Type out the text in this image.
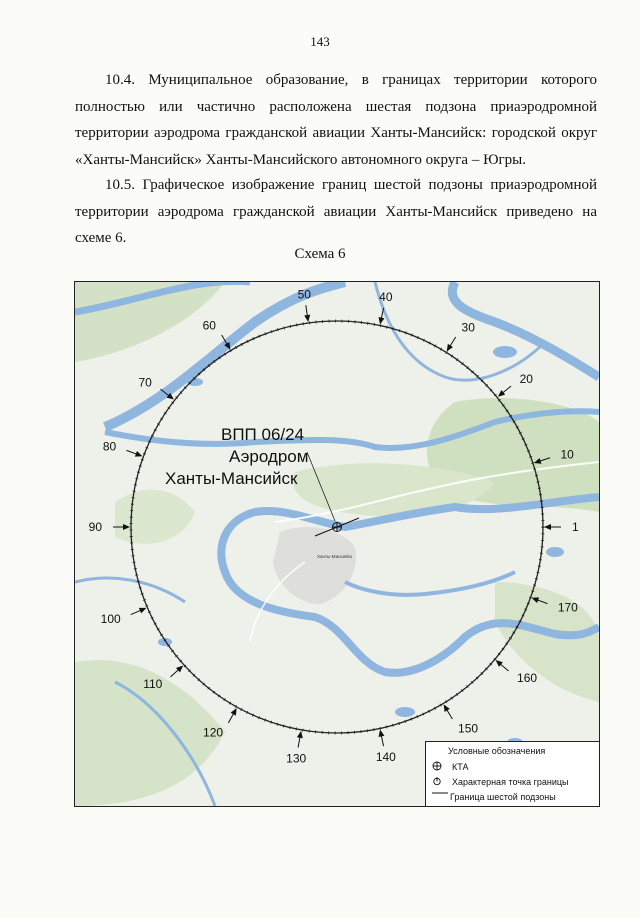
143
10.4. Муниципальное образование, в границах территории которого полностью или частично расположена шестая подзона приаэродромной территории аэродрома гражданской авиации Ханты-Мансийск: городской округ «Ханты-Мансийск» Ханты-Мансийского автономного округа – Югры.
10.5. Графическое изображение границ шестой подзоны приаэродромной территории аэродрома гражданской авиации Ханты-Мансийск приведено на схеме 6.
Схема 6
1
10
20
30
40
50
60
70
80
90
100
110
120
130	140
150
160
170
ВПП 06/24
Аэродром
Ханты-Мансийск
Ханты-Мансийск
Условные обозначения
КТА
Характерная точка границы
Граница шестой подзоны
